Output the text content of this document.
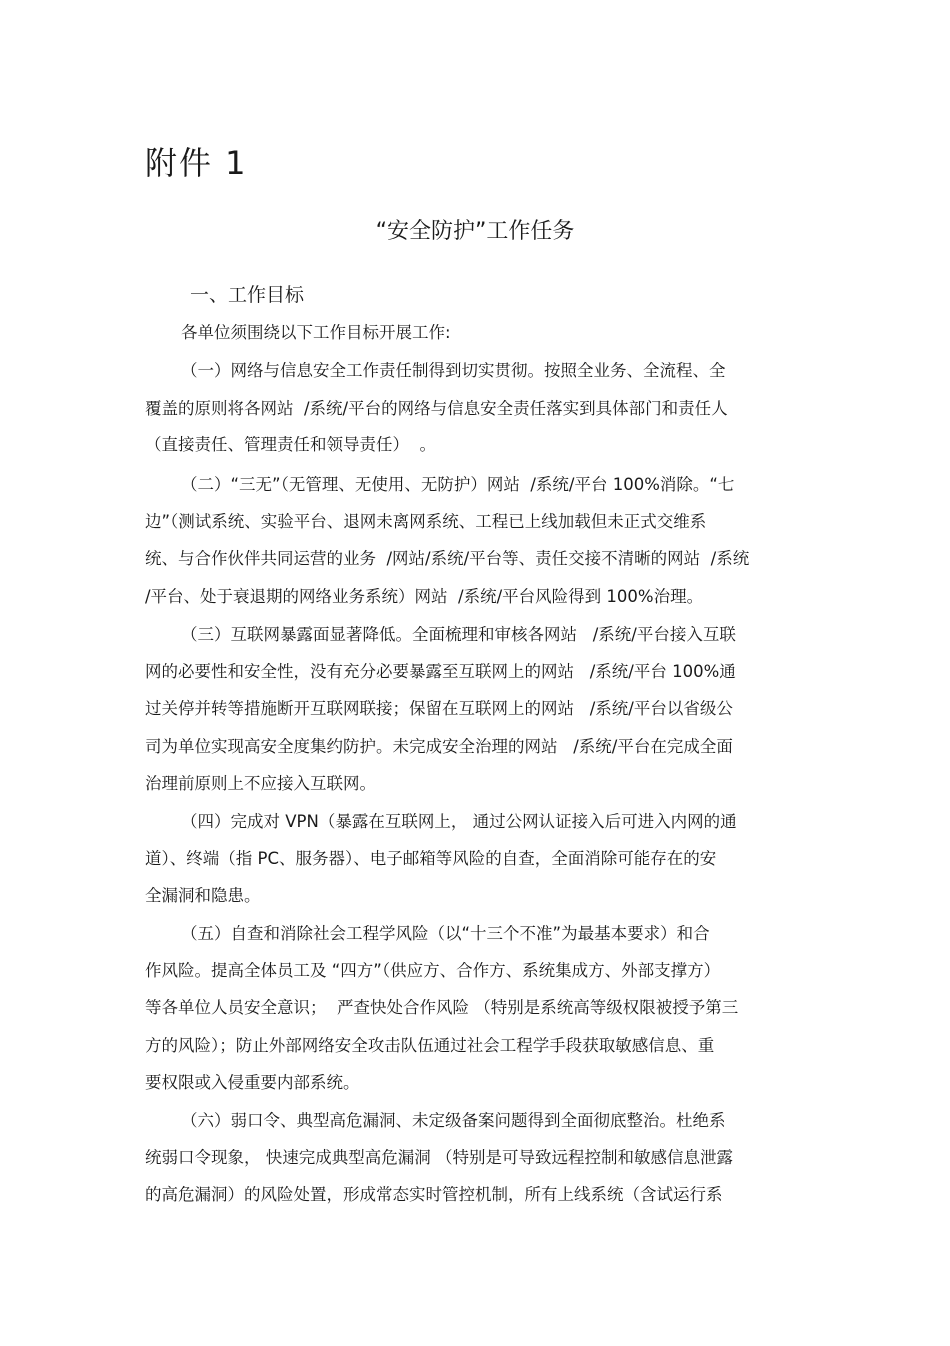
附件 1
“安全防护”工作任务
一、工作目标
各单位须围绕以下工作目标开展工作:
（一）网络与信息安全工作责任制得到切实贯彻。按照全业务、全流程、全
覆盖的原则将各网站  /系统/平台的网络与信息安全责任落实到具体部门和责任人
（直接责任、管理责任和领导责任）  。
（二）“三无”（无管理、无使用、无防护）网站  /系统/平台 100%消除。“七
边”（测试系统、实验平台、退网未离网系统、工程已上线加载但未正式交维系
统、与合作伙伴共同运营的业务  /网站/系统/平台等、责任交接不清晰的网站  /系统
/平台、处于衰退期的网络业务系统）网站  /系统/平台风险得到 100%治理。
（三）互联网暴露面显著降低。全面梳理和审核各网站   /系统/平台接入互联
网的必要性和安全性，没有充分必要暴露至互联网上的网站   /系统/平台 100%通
过关停并转等措施断开互联网联接；保留在互联网上的网站   /系统/平台以省级公
司为单位实现高安全度集约防护。未完成安全治理的网站   /系统/平台在完成全面
治理前原则上不应接入互联网。
（四）完成对 VPN（暴露在互联网上， 通过公网认证接入后可进入内网的通
道）、终端（指 PC、服务器）、电子邮箱等风险的自查，全面消除可能存在的安
全漏洞和隐患。
（五）自查和消除社会工程学风险（以“十三个不准”为最基本要求）和合
作风险。提高全体员工及 “四方”（供应方、合作方、系统集成方、外部支撑方）
等各单位人员安全意识；  严查快处合作风险 （特别是系统高等级权限被授予第三
方的风险）；防止外部网络安全攻击队伍通过社会工程学手段获取敏感信息、重
要权限或入侵重要内部系统。
（六）弱口令、典型高危漏洞、未定级备案问题得到全面彻底整治。杜绝系
统弱口令现象， 快速完成典型高危漏洞 （特别是可导致远程控制和敏感信息泄露
的高危漏洞）的风险处置，形成常态实时管控机制，所有上线系统（含试运行系
